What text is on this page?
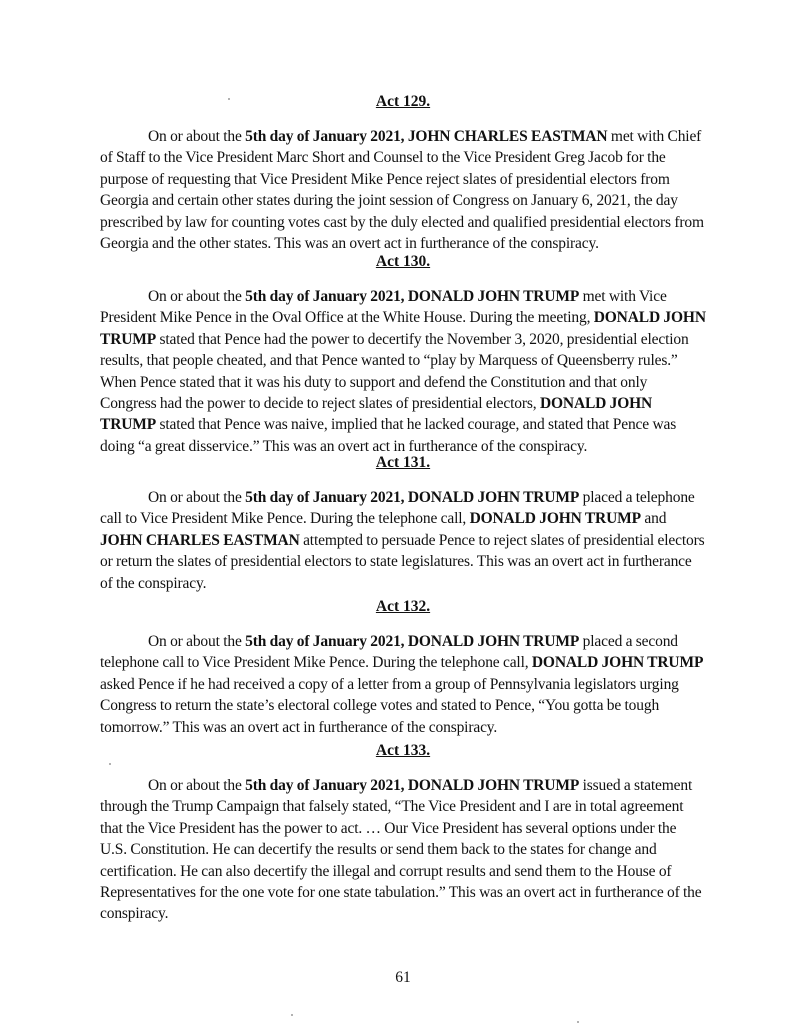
Act 129.

On or about the 5th day of January 2021, JOHN CHARLES EASTMAN met with Chief of Staff to the Vice President Marc Short and Counsel to the Vice President Greg Jacob for the purpose of requesting that Vice President Mike Pence reject slates of presidential electors from Georgia and certain other states during the joint session of Congress on January 6, 2021, the day prescribed by law for counting votes cast by the duly elected and qualified presidential electors from Georgia and the other states. This was an overt act in furtherance of the conspiracy.

Act 130.

On or about the 5th day of January 2021, DONALD JOHN TRUMP met with Vice President Mike Pence in the Oval Office at the White House. During the meeting, DONALD JOHN TRUMP stated that Pence had the power to decertify the November 3, 2020, presidential election results, that people cheated, and that Pence wanted to “play by Marquess of Queensberry rules.” When Pence stated that it was his duty to support and defend the Constitution and that only Congress had the power to decide to reject slates of presidential electors, DONALD JOHN TRUMP stated that Pence was naive, implied that he lacked courage, and stated that Pence was doing “a great disservice.” This was an overt act in furtherance of the conspiracy.

Act 131.

On or about the 5th day of January 2021, DONALD JOHN TRUMP placed a telephone call to Vice President Mike Pence. During the telephone call, DONALD JOHN TRUMP and JOHN CHARLES EASTMAN attempted to persuade Pence to reject slates of presidential electors or return the slates of presidential electors to state legislatures. This was an overt act in furtherance of the conspiracy.

Act 132.

On or about the 5th day of January 2021, DONALD JOHN TRUMP placed a second telephone call to Vice President Mike Pence. During the telephone call, DONALD JOHN TRUMP asked Pence if he had received a copy of a letter from a group of Pennsylvania legislators urging Congress to return the state’s electoral college votes and stated to Pence, “You gotta be tough tomorrow.” This was an overt act in furtherance of the conspiracy.

Act 133.

On or about the 5th day of January 2021, DONALD JOHN TRUMP issued a statement through the Trump Campaign that falsely stated, “The Vice President and I are in total agreement that the Vice President has the power to act. … Our Vice President has several options under the U.S. Constitution. He can decertify the results or send them back to the states for change and certification. He can also decertify the illegal and corrupt results and send them to the House of Representatives for the one vote for one state tabulation.” This was an overt act in furtherance of the conspiracy.

61
